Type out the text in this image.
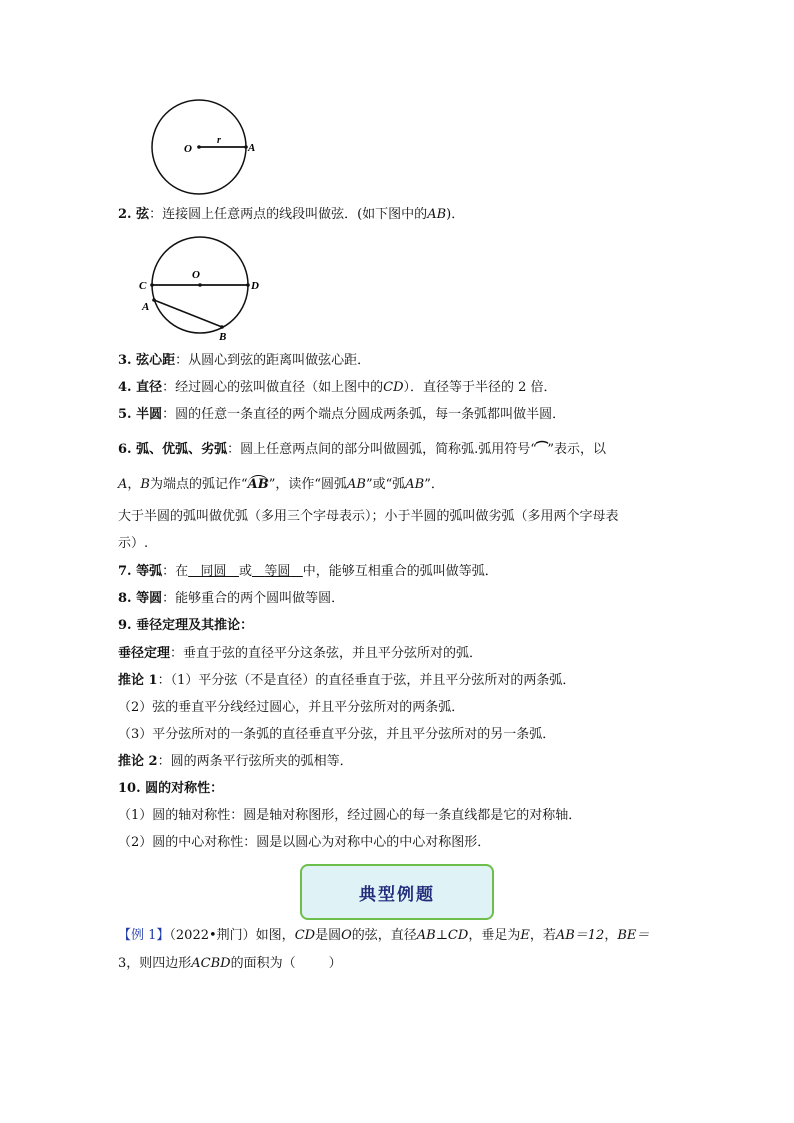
O
r
A
2. 弦：连接圆上任意两点的线段叫做弦．(如下图中的AB)．
O
C	D
A
B
3. 弦心距：从圆心到弦的距离叫做弦心距．
4. 直径：经过圆心的弦叫做直径（如上图中的CD）．直径等于半径的 2 倍．
5. 半圆：圆的任意一条直径的两个端点分圆成两条弧，每一条弧都叫做半圆．
6. 弧、优弧、劣弧：圆上任意两点间的部分叫做圆弧，简称弧.弧用符号“⁀”表示，以
A，B为端点的弧记作“AB”，读作“圆弧AB”或“弧AB”．
大于半圆的弧叫做优弧（多用三个字母表示）；小于半圆的弧叫做劣弧（多用两个字母表
示）.
7. 等弧：在 同圆 或 等圆 中，能够互相重合的弧叫做等弧．
8. 等圆：能够重合的两个圆叫做等圆．
9. 垂径定理及其推论：
垂径定理：垂直于弦的直径平分这条弦，并且平分弦所对的弧．
推论 1：（1）平分弦（不是直径）的直径垂直于弦，并且平分弦所对的两条弧．
（2）弦的垂直平分线经过圆心，并且平分弦所对的两条弧．
（3）平分弦所对的一条弧的直径垂直平分弦，并且平分弦所对的另一条弧．
推论 2：圆的两条平行弦所夹的弧相等．
10. 圆的对称性：
（1）圆的轴对称性：圆是轴对称图形，经过圆心的每一条直线都是它的对称轴．
（2）圆的中心对称性：圆是以圆心为对称中心的中心对称图形．
典型例题
【例 1】（2022•荆门）如图，CD是圆O的弦，直径AB⊥CD，垂足为E，若AB＝12，BE＝
3，则四边形ACBD的面积为（        ）
